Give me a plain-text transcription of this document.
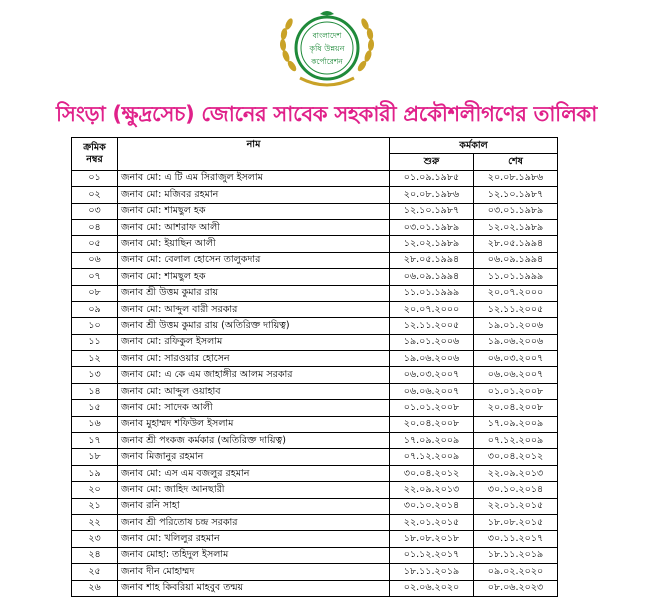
বাংলাদেশ
কৃষি উন্নয়ন
কর্পোরেশন
সিংড়া (ক্ষুদ্রসেচ) জোনের সাবেক সহকারী প্রকৌশলীগণের তালিকা
ক্রমিক
নম্বর	নাম	কর্মকাল	
		শুরু	শেষ
০১	জনাব মো: এ টি এম সিরাজুল ইসলাম	০১.০৯.১৯৮৫	২০.০৮.১৯৮৬
০২	জনাব মো: মজিবর রহমান	২০.০৮.১৯৮৬	১২.১০.১৯৮৭
০৩	জনাব মো: শামছুল হক	১২.১০.১৯৮৭	০৩.০১.১৯৮৯
০৪	জনাব মো: আশরাফ আলী	০৩.০১.১৯৮৯	১২.০২.১৯৮৯
০৫	জনাব মো: ইয়াছিন আলী	১২.০২.১৯৮৯	২৮.০৫.১৯৯৪
০৬	জনাব মো: বেলাল হোসেন তালুকদার	২৮.০৫.১৯৯৪	০৬.০৯.১৯৯৪
০৭	জনাব মো: শামছুল হক	০৬.০৯.১৯৯৪	১১.০১.১৯৯৯
০৮	জনাব শ্রী উত্তম কুমার রায়	১১.০১.১৯৯৯	২০.০৭.২০০০
০৯	জনাব মো: আব্দুল বারী সরকার	২০.০৭.২০০০	১২.১১.২০০৫
১০	জনাব শ্রী উত্তম কুমার রায় (অতিরিক্ত দায়িত্ব)	১২.১১.২০০৫	১৯.০১.২০০৬
১১	জনাব মো: রফিকুল ইসলাম	১৯.০১.২০০৬	১৯.০৬.২০০৬
১২	জনাব মো: সারওয়ার হোসেন	১৯.০৬.২০০৬	০৬.০৩.২০০৭
১৩	জনাব মো: এ কে এম জাহাঙ্গীর আলম সরকার	০৬.০৩.২০০৭	০৬.০৬.২০০৭
১৪	জনাব মো: আব্দুল ওয়াহাব	০৬.০৬.২০০৭	০১.০১.২০০৮
১৫	জনাব মো: সাদেক আলী	০১.০১.২০০৮	২০.০৪.২০০৮
১৬	জনাব মুহাম্মদ শফিউল ইসলাম	২০.০৪.২০০৮	১৭.০৯.২০০৯
১৭	জনাব শ্রী পংকজ কর্মকার (অতিরিক্ত দায়িত্ব)	১৭.০৯.২০০৯	০৭.১২.২০০৯
১৮	জনাব মিজানুর রহমান	০৭.১২.২০০৯	৩০.০৪.২০১২
১৯	জনাব মো: এস এম বজলুর রহমান	৩০.০৪.২০১২	২২.০৯.২০১৩
২০	জনাব মো: জাহিদ আনছারী	২২.০৯.২০১৩	৩০.১০.২০১৪
২১	জনাব রনি সাহা	৩০.১০.২০১৪	২২.০১.২০১৫
২২	জনাব শ্রী পরিতোষ চন্দ্র সরকার	২২.০১.২০১৫	১৮.০৮.২০১৫
২৩	জনাব মো: খলিলুর রহমান	১৮.০৮.২০১৮	৩০.১১.২০১৭
২৪	জনাব মোহা: তহিদুল ইসলাম	০১.১২.২০১৭	১৮.১১.২০১৯
২৫	জনাব দীন মোহাম্মদ	১৮.১১.২০১৯	০৯.০২.২০২০
২৬	জনাব শাহ কিবরিয়া মাহবুব তন্ময়	০২.০৬.২০২০	০৮.০৬.২০২৩
